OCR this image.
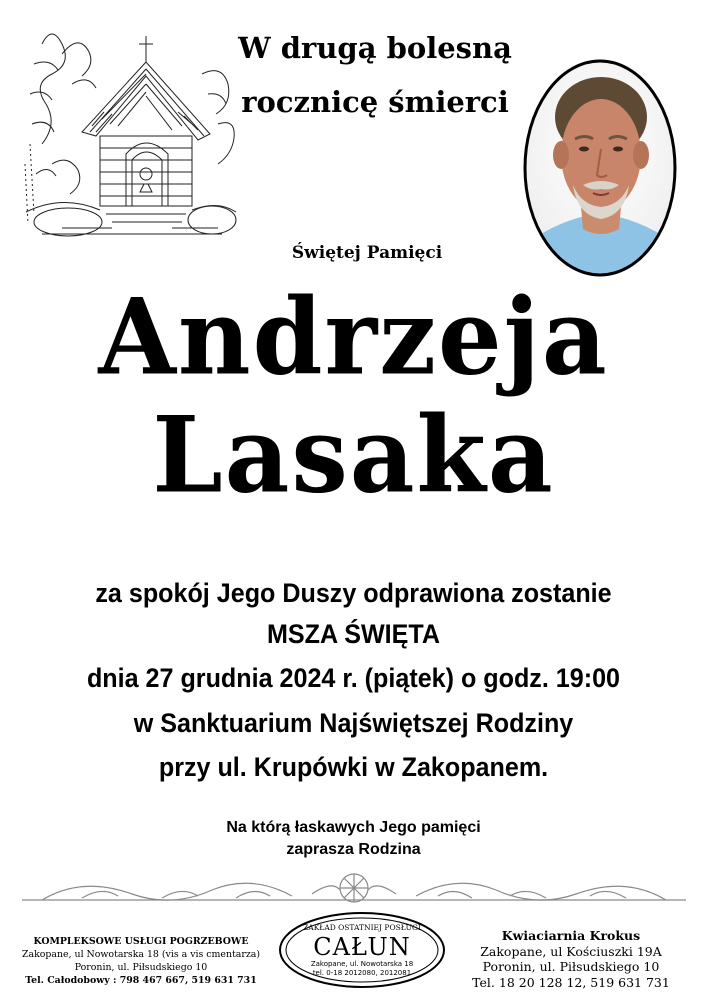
W drugą bolesną
rocznicę śmierci
Świętej Pamięci
Andrzeja
Lasaka
za spokój Jego Duszy odprawiona zostanie
MSZA ŚWIĘTA
dnia 27 grudnia 2024 r. (piątek) o godz. 19:00
w Sanktuarium Najświętszej Rodziny
przy ul. Krupówki w Zakopanem.
Na którą łaskawych Jego pamięci
zaprasza Rodzina
KOMPLEKSOWE USŁUGI POGRZEBOWE
Zakopane, ul Nowotarska 18 (vis a vis cmentarza)
Poronin, ul. Piłsudskiego 10
Tel. Całodobowy : 798 467 667, 519 631 731
ZAKŁAD OSTATNIEJ POSŁUGI
CAŁUN
Zakopane, ul. Nowotarska 18
tel. 0-18 2012080, 2012081
Kwiaciarnia Krokus
Zakopane, ul Kościuszki 19A
Poronin, ul. Piłsudskiego 10
Tel. 18 20 128 12, 519 631 731
